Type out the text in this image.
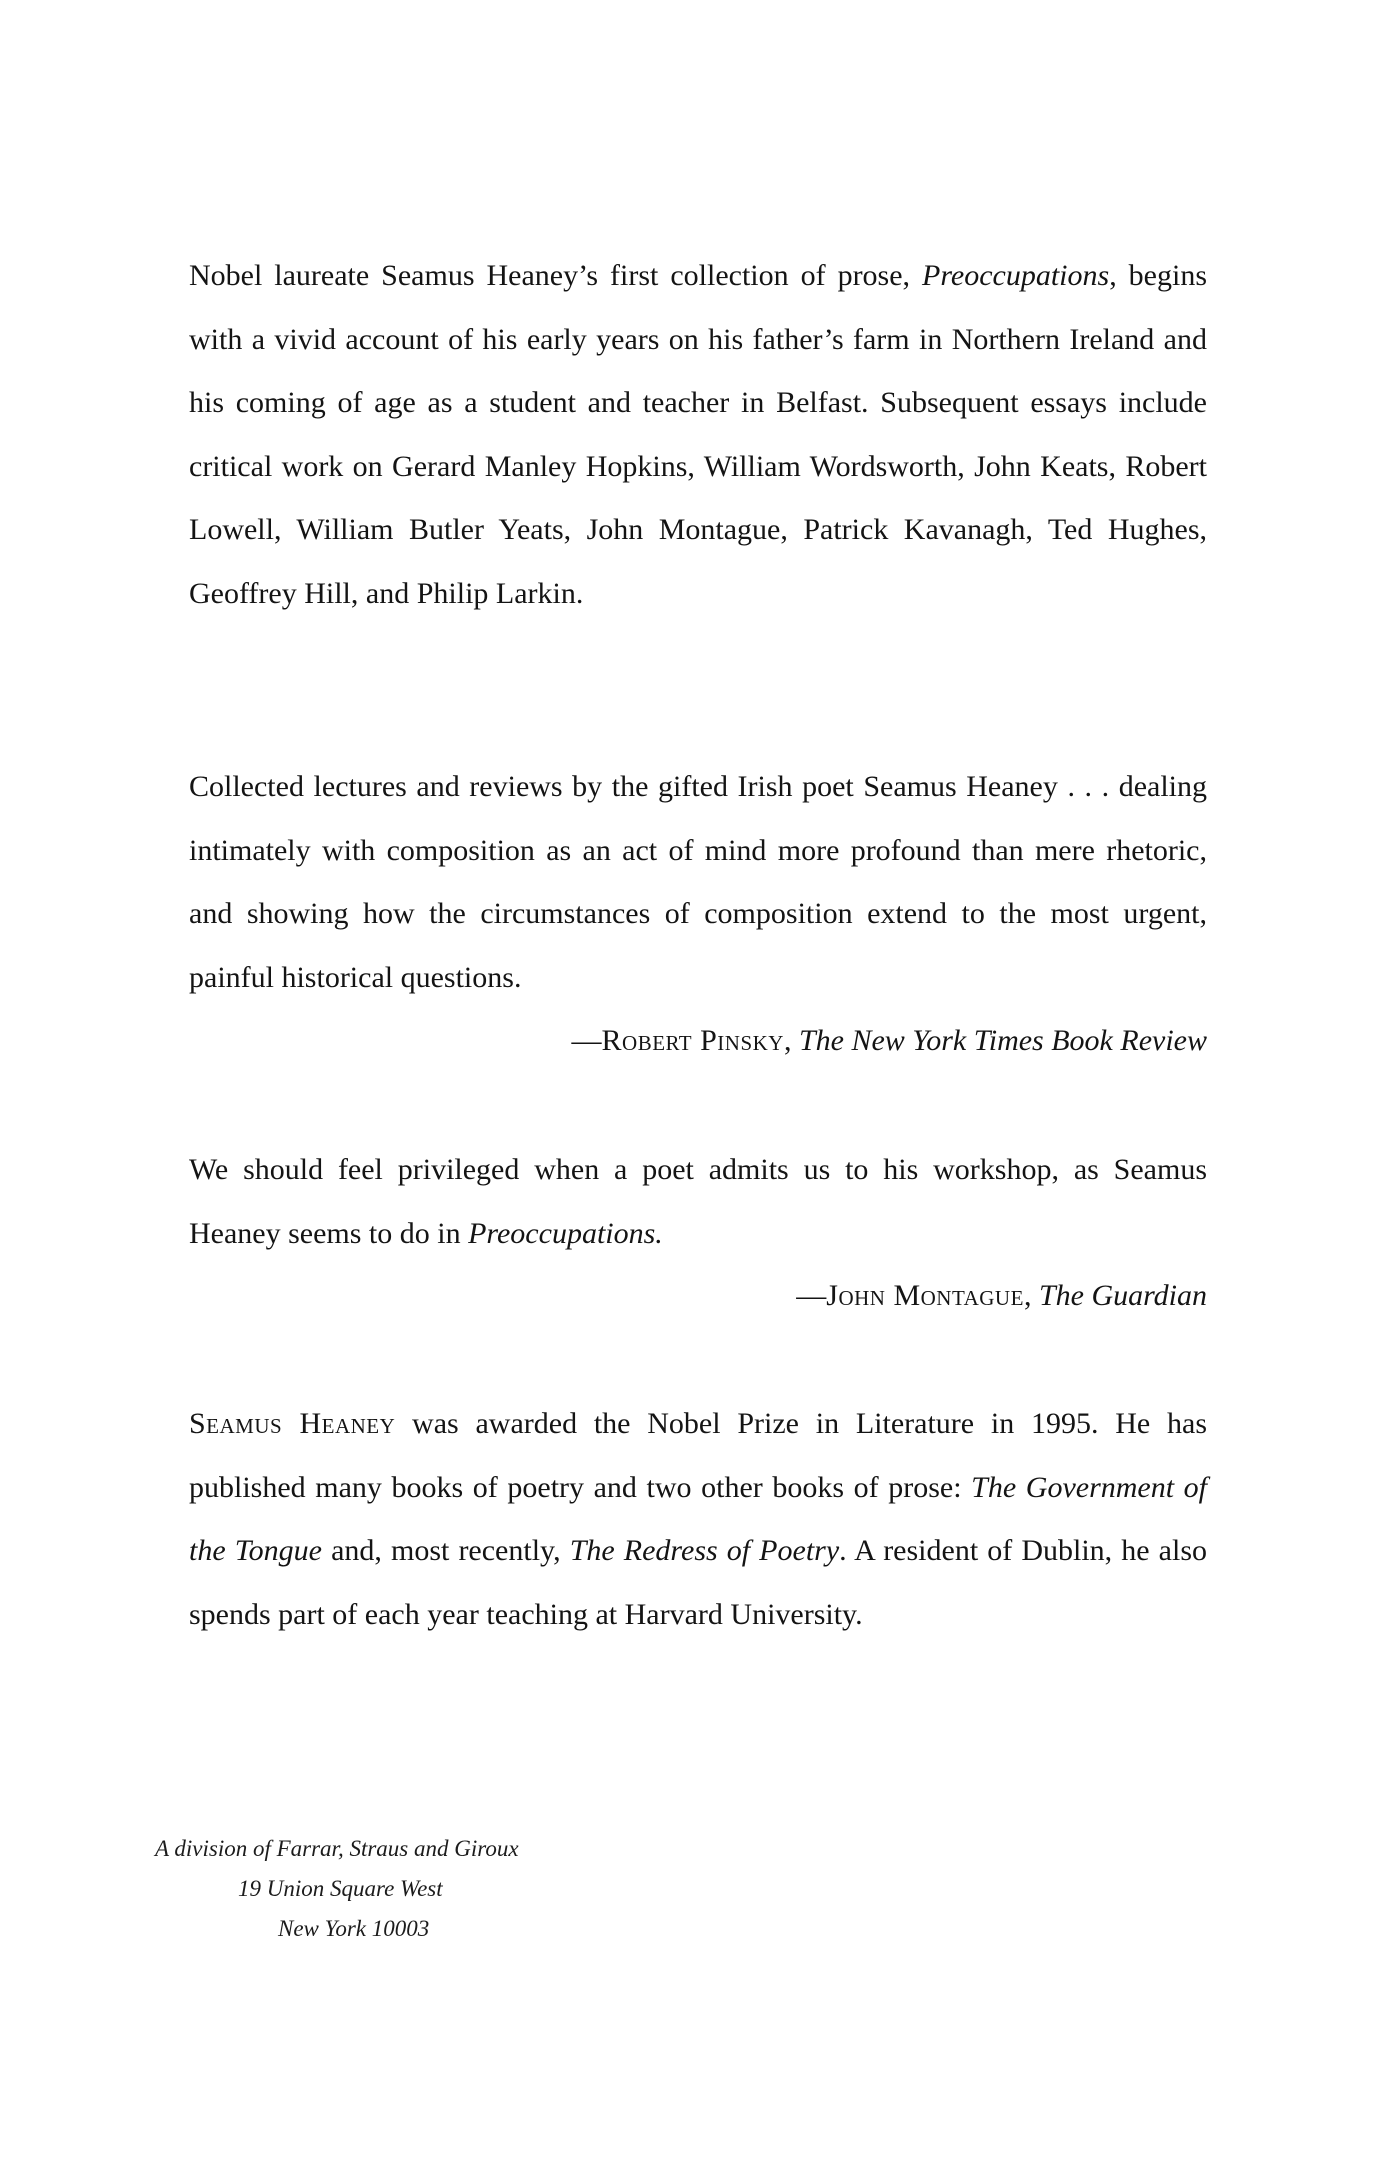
Nobel laureate Seamus Heaney’s first collection of prose, Preoccupations, begins with a vivid account of his early years on his father’s farm in Northern Ireland and his coming of age as a student and teacher in Belfast. Subsequent essays include critical work on Gerard Manley Hopkins, William Wordsworth, John Keats, Robert Lowell, William Butler Yeats, John Montague, Patrick Kavanagh, Ted Hughes, Geoffrey Hill, and Philip Larkin.

Collected lectures and reviews by the gifted Irish poet Seamus Heaney . . . dealing intimately with composition as an act of mind more profound than mere rhetoric, and showing how the circumstances of composition extend to the most urgent, painful historical questions.

—Robert Pinsky, The New York Times Book Review

We should feel privileged when a poet admits us to his workshop, as Seamus Heaney seems to do in Preoccupations.

—John Montague, The Guardian

Seamus Heaney was awarded the Nobel Prize in Literature in 1995. He has published many books of poetry and two other books of prose: The Government of the Tongue and, most recently, The Redress of Poetry. A resident of Dublin, he also spends part of each year teaching at Harvard University.

A division of Farrar, Straus and Giroux
19 Union Square West
New York 10003
